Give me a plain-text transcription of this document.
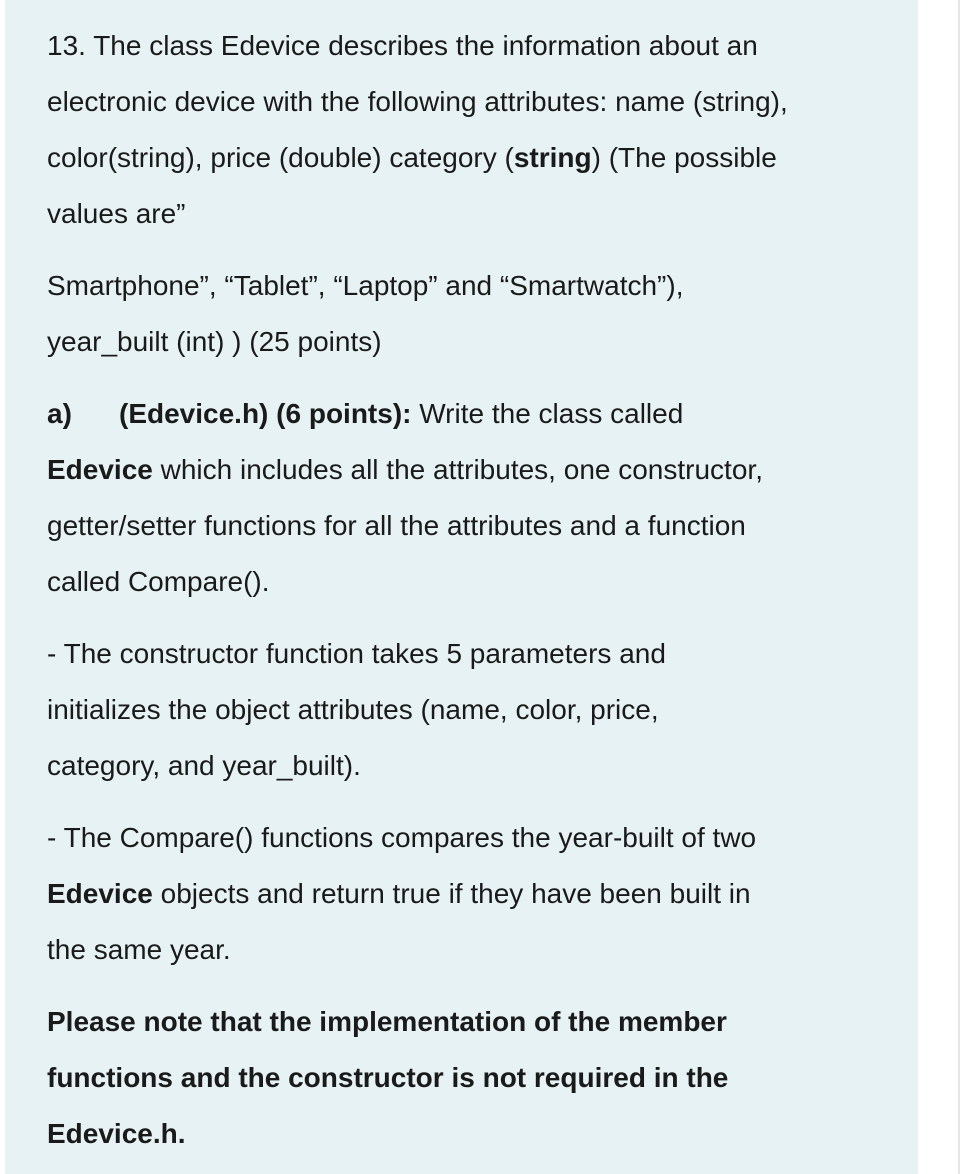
13. The class Edevice describes the information about an
electronic device with the following attributes: name (string),
color(string), price (double) category (string) (The possible
values are”

Smartphone”, “Tablet”, “Laptop” and “Smartwatch”),
year_built (int) ) (25 points)

a) (Edevice.h) (6 points): Write the class called
Edevice which includes all the attributes, one constructor,
getter/setter functions for all the attributes and a function
called Compare().

- The constructor function takes 5 parameters and
initializes the object attributes (name, color, price,
category, and year_built).

- The Compare() functions compares the year-built of two
Edevice objects and return true if they have been built in
the same year.

Please note that the implementation of the member
functions and the constructor is not required in the
Edevice.h.
